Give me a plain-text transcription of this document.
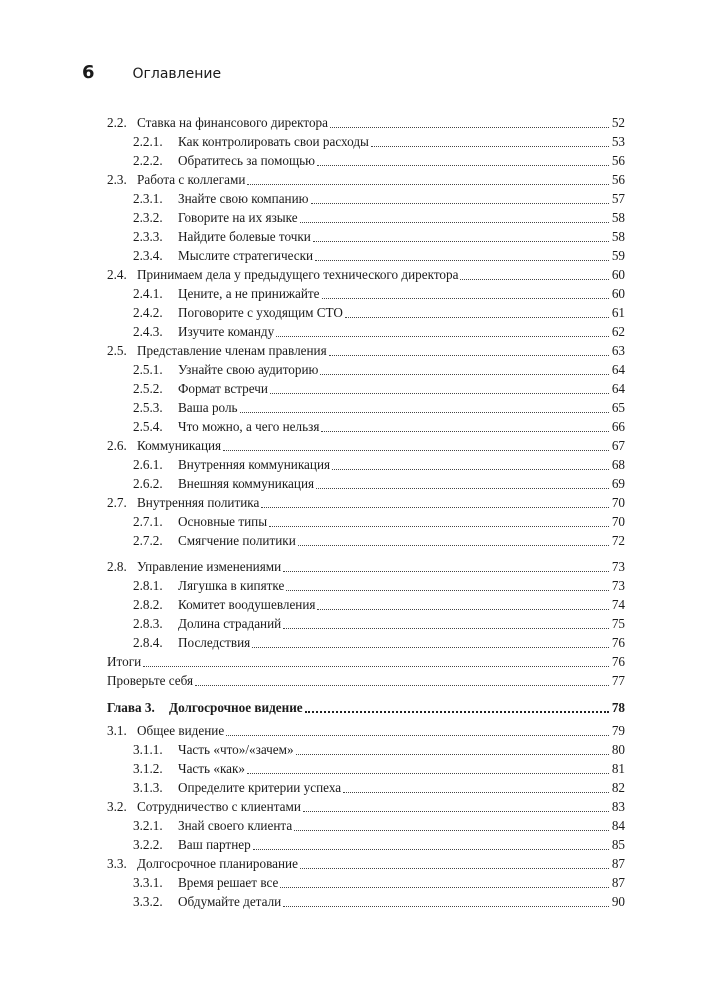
6	Оглавление
2.2. Ставка на финансового директора	52
2.2.1.	Как контролировать свои расходы	53
2.2.2.	Обратитесь за помощью	56
2.3. Работа с коллегами	56
2.3.1.	Знайте свою компанию	57
2.3.2.	Говорите на их языке	58
2.3.3.	Найдите болевые точки	58
2.3.4.	Мыслите стратегически	59
2.4. Принимаем дела у предыдущего технического директора	60
2.4.1.	Цените, а не принижайте	60
2.4.2.	Поговорите с уходящим CTO	61
2.4.3.	Изучите команду	62
2.5. Представление членам правления	63
2.5.1.	Узнайте свою аудиторию	64
2.5.2.	Формат встречи	64
2.5.3.	Ваша роль	65
2.5.4.	Что можно, а чего нельзя	66
2.6. Коммуникация	67
2.6.1.	Внутренняя коммуникация	68
2.6.2.	Внешняя коммуникация	69
2.7. Внутренняя политика	70
2.7.1.	Основные типы	70
2.7.2.	Смягчение политики	72
2.8. Управление изменениями	73
2.8.1.	Лягушка в кипятке	73
2.8.2.	Комитет воодушевления	74
2.8.3.	Долина страданий	75
2.8.4.	Последствия	76
Итоги	76
Проверьте себя	77
Глава 3.	Долгосрочное видение	78
3.1. Общее видение	79
3.1.1.	Часть «что»/«зачем»	80
3.1.2.	Часть «как»	81
3.1.3.	Определите критерии успеха	82
3.2. Сотрудничество с клиентами	83
3.2.1.	Знай своего клиента	84
3.2.2.	Ваш партнер	85
3.3. Долгосрочное планирование	87
3.3.1.	Время решает все	87
3.3.2.	Обдумайте детали	90
